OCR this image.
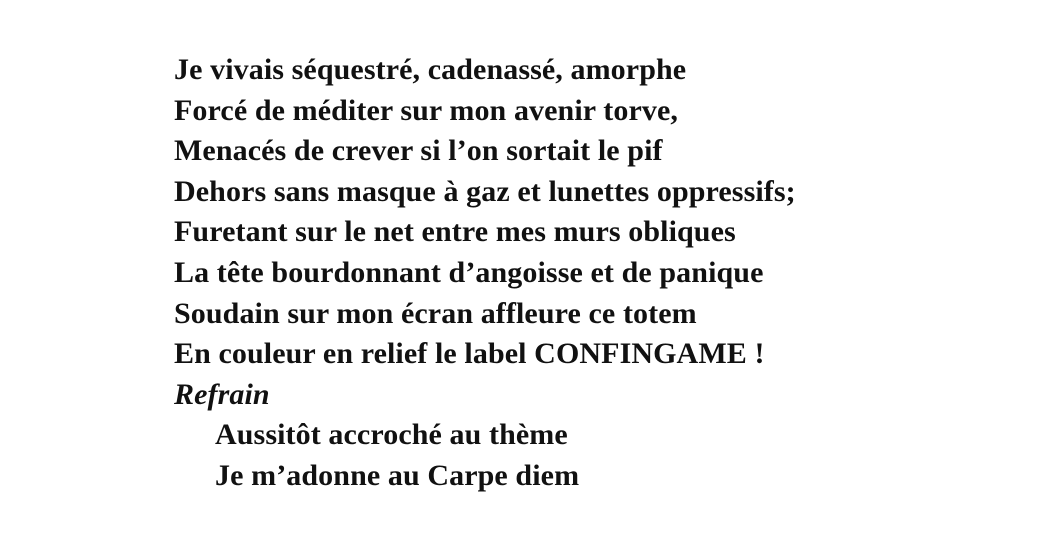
Je vivais séquestré, cadenassé, amorphe
Forcé de méditer sur mon avenir torve,
Menacés de crever si l’on sortait le pif
Dehors sans masque à gaz et lunettes oppressifs;
Furetant sur le net entre mes murs obliques
La tête bourdonnant d’angoisse et de panique
Soudain sur mon écran affleure ce totem
En couleur en relief le label CONFINGAME !
Refrain
Aussitôt accroché au thème
Je m’adonne au Carpe diem
